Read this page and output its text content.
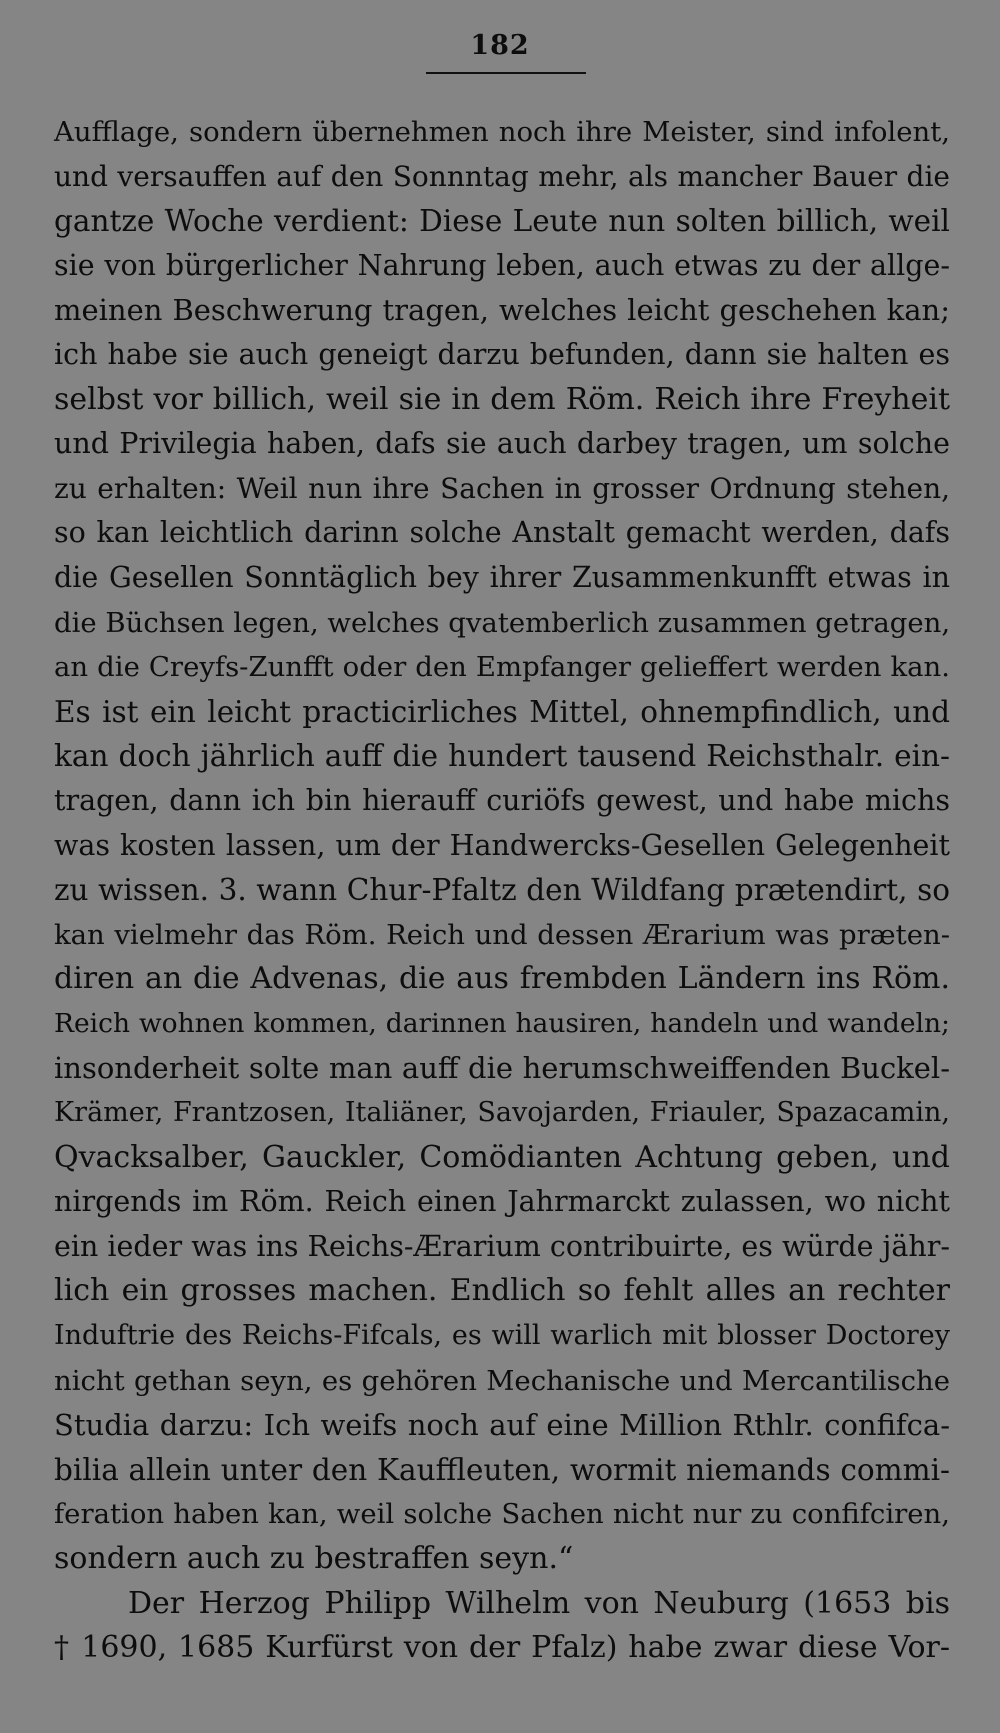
182
Aufflage, sondern übernehmen noch ihre Meister, sind infolent,
und versauffen auf den Sonnntag mehr, als mancher Bauer die
gantze Woche verdient: Diese Leute nun solten billich, weil
sie von bürgerlicher Nahrung leben, auch etwas zu der allge-
meinen Beschwerung tragen, welches leicht geschehen kan;
ich habe sie auch geneigt darzu befunden, dann sie halten es
selbst vor billich, weil sie in dem Röm. Reich ihre Freyheit
und Privilegia haben, dafs sie auch darbey tragen, um solche
zu erhalten: Weil nun ihre Sachen in grosser Ordnung stehen,
so kan leichtlich darinn solche Anstalt gemacht werden, dafs
die Gesellen Sonntäglich bey ihrer Zusammenkunfft etwas in
die Büchsen legen, welches qvatemberlich zusammen getragen,
an die Creyfs-Zunfft oder den Empfanger gelieffert werden kan.
Es ist ein leicht practicirliches Mittel, ohnempfindlich, und
kan doch jährlich auff die hundert tausend Reichsthalr. ein-
tragen, dann ich bin hierauff curiöfs gewest, und habe michs
was kosten lassen, um der Handwercks-Gesellen Gelegenheit
zu wissen. 3. wann Chur-Pfaltz den Wildfang prætendirt, so
kan vielmehr das Röm. Reich und dessen Ærarium was præten-
diren an die Advenas, die aus frembden Ländern ins Röm.
Reich wohnen kommen, darinnen hausiren, handeln und wandeln;
insonderheit solte man auff die herumschweiffenden Buckel-
Krämer, Frantzosen, Italiäner, Savojarden, Friauler, Spazacamin,
Qvacksalber, Gauckler, Comödianten Achtung geben, und
nirgends im Röm. Reich einen Jahrmarckt zulassen, wo nicht
ein ieder was ins Reichs-Ærarium contribuirte, es würde jähr-
lich ein grosses machen. Endlich so fehlt alles an rechter
Induftrie des Reichs-Fifcals, es will warlich mit blosser Doctorey
nicht gethan seyn, es gehören Mechanische und Mercantilische
Studia darzu: Ich weifs noch auf eine Million Rthlr. confifca-
bilia allein unter den Kauffleuten, wormit niemands commi-
feration haben kan, weil solche Sachen nicht nur zu confifciren,
sondern auch zu bestraffen seyn.“
Der Herzog Philipp Wilhelm von Neuburg (1653 bis
† 1690, 1685 Kurfürst von der Pfalz) habe zwar diese Vor-
